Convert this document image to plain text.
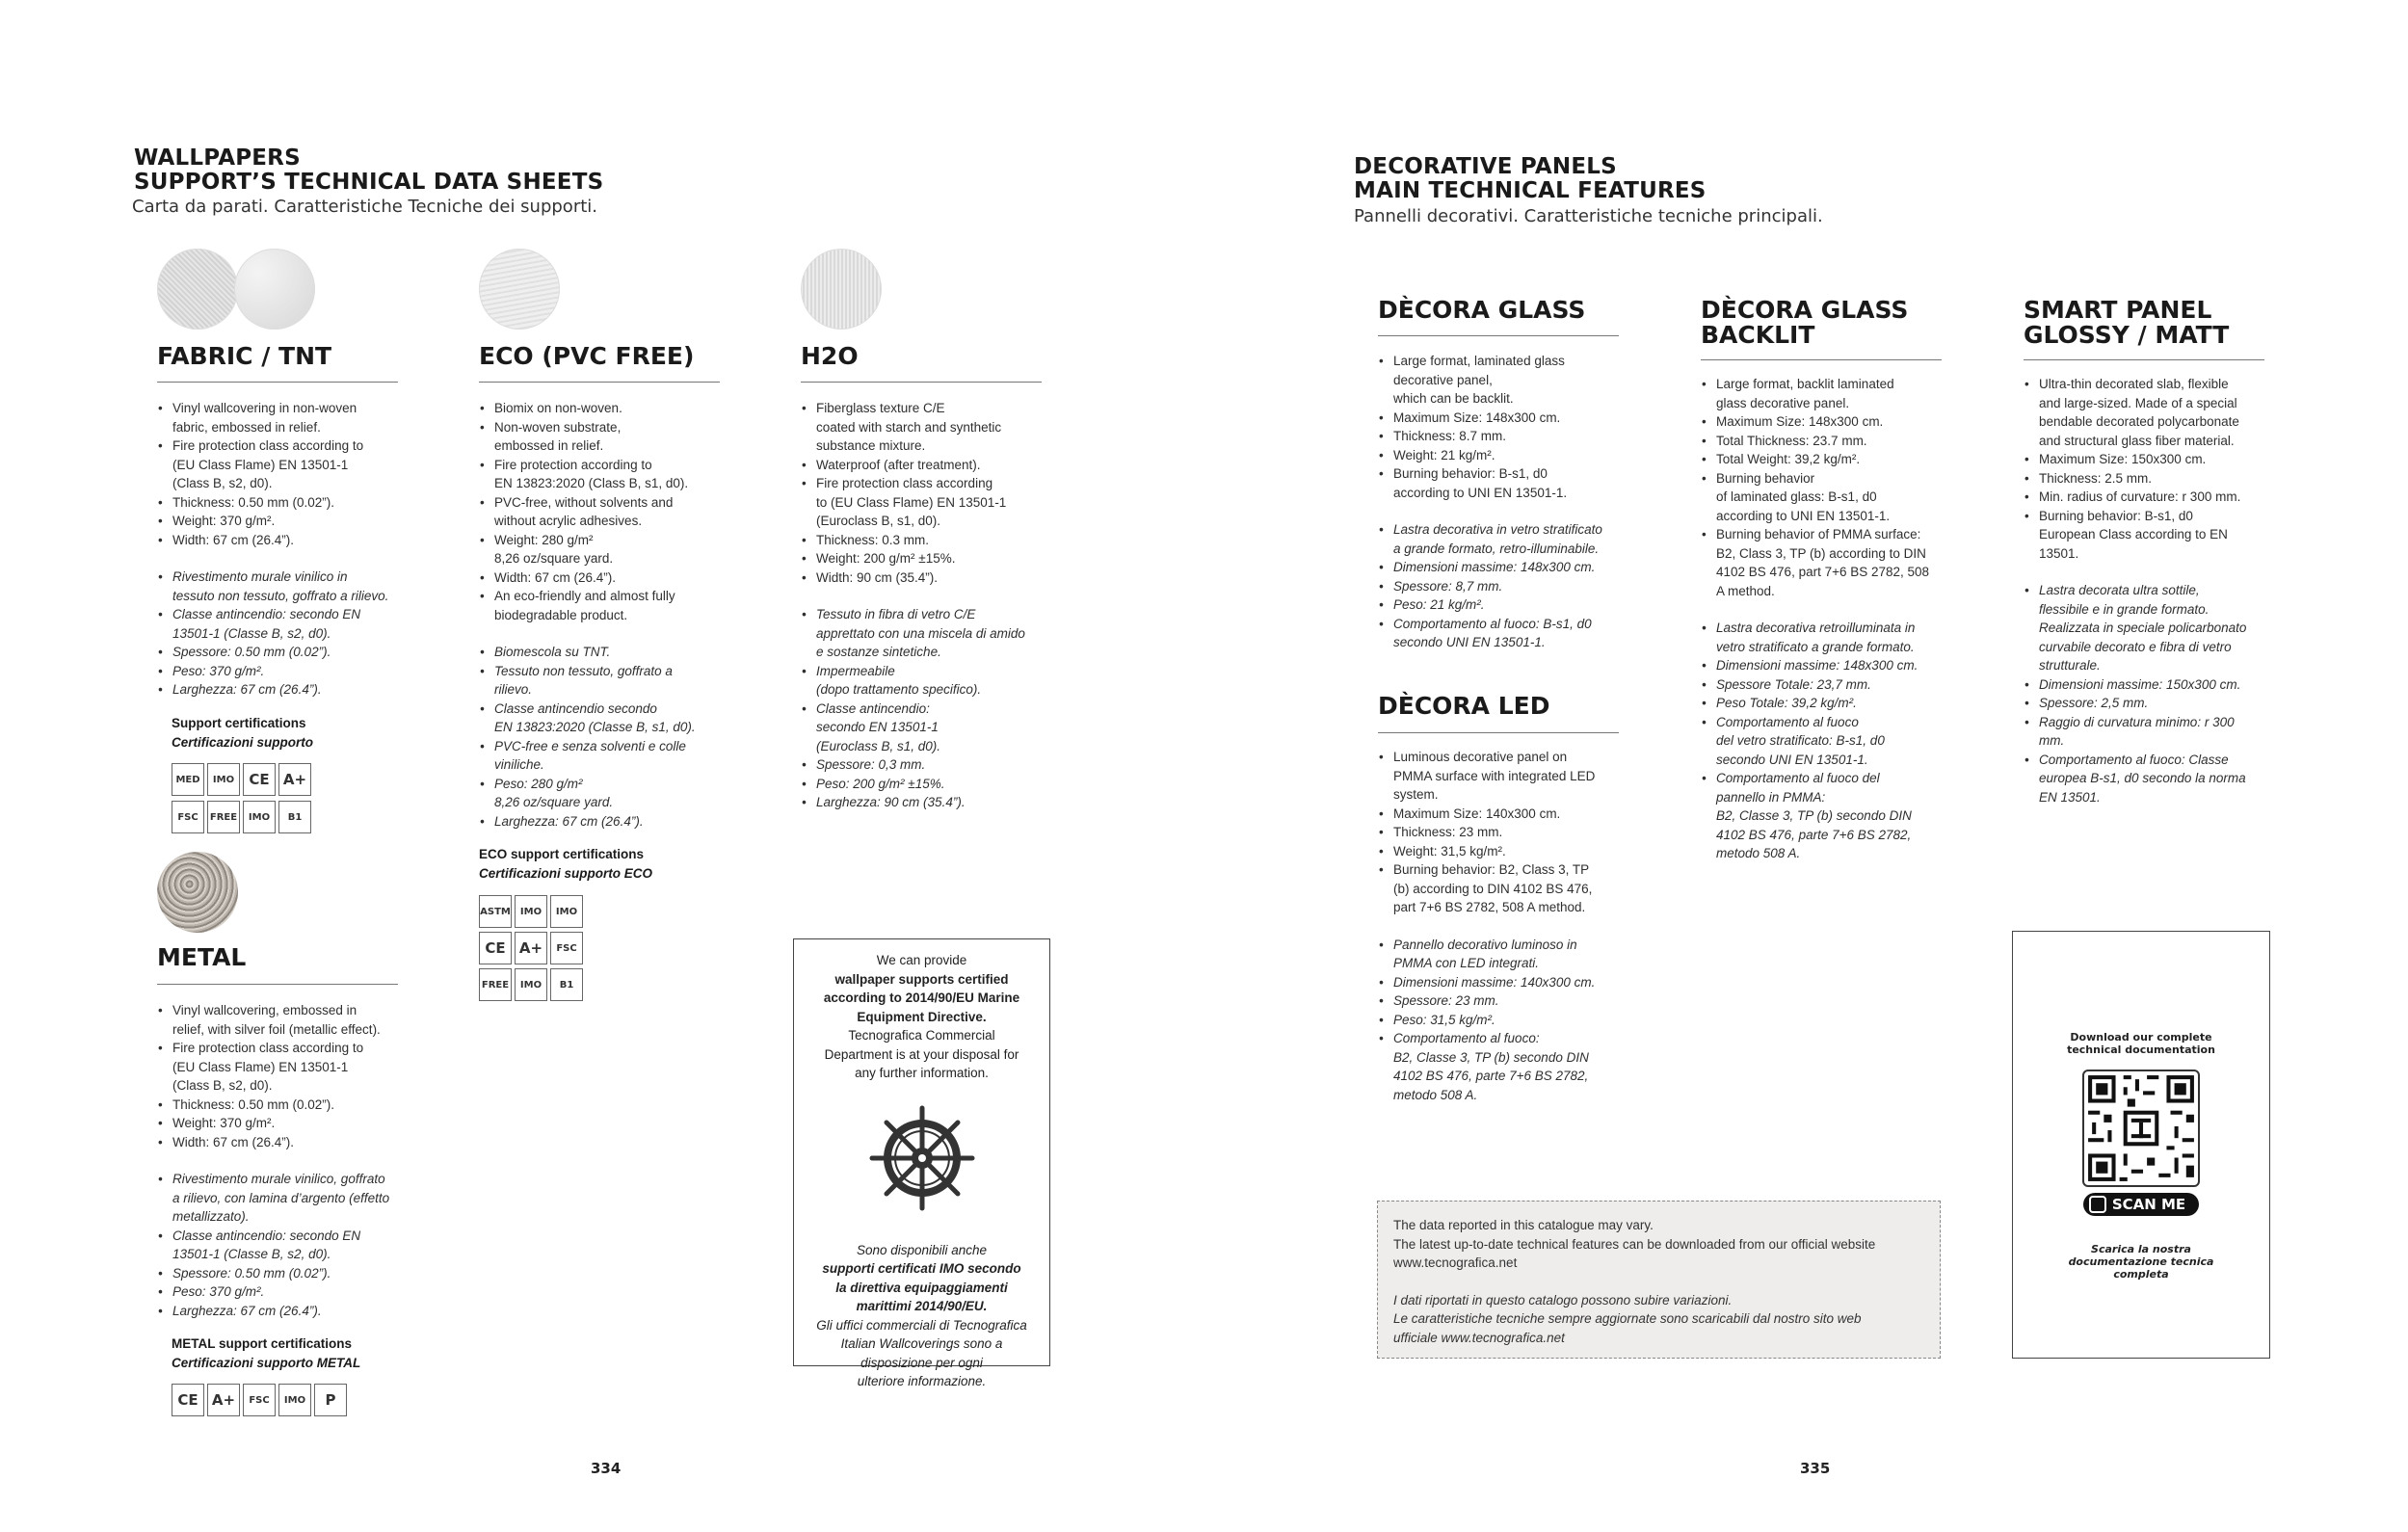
WALLPAPERS
SUPPORT’S TECHNICAL DATA SHEETS
Carta da parati. Caratteristiche Tecniche dei supporti.
FABRIC / TNT
• Vinyl wallcovering in non-woven
fabric, embossed in relief.
• Fire protection class according to
(EU Class Flame) EN 13501-1
(Class B, s2, d0).
• Thickness: 0.50 mm (0.02”).
• Weight: 370 g/m².
• Width: 67 cm (26.4”).
• Rivestimento murale vinilico in
tessuto non tessuto, goffrato a rilievo.
• Classe antincendio: secondo EN
13501-1 (Classe B, s2, d0).
• Spessore: 0.50 mm (0.02”).
• Peso: 370 g/m².
• Larghezza: 67 cm (26.4”).
Support certifications
Certificazioni supporto
MED	IMO	CE A+
FSC	FREE	IMO	B1
METAL
• Vinyl wallcovering, embossed in
relief, with silver foil (metallic effect).
• Fire protection class according to
(EU Class Flame) EN 13501-1
(Class B, s2, d0).
• Thickness: 0.50 mm (0.02”).
• Weight: 370 g/m².
• Width: 67 cm (26.4”).
• Rivestimento murale vinilico, goffrato
a rilievo, con lamina d’argento (effetto
metallizzato).
• Classe antincendio: secondo EN
13501-1 (Classe B, s2, d0).
• Spessore: 0.50 mm (0.02”).
• Peso: 370 g/m².
• Larghezza: 67 cm (26.4”).
METAL support certifications
Certificazioni supporto METAL
CE A+	FSC	IMO	P
ECO (PVC FREE)
• Biomix on non-woven.
• Non-woven substrate,
embossed in relief.
• Fire protection according to
EN 13823:2020 (Class B, s1, d0).
• PVC-free, without solvents and
without acrylic adhesives.
• Weight: 280 g/m²
8,26 oz/square yard.
• Width: 67 cm (26.4”).
• An eco-friendly and almost fully
biodegradable product.
• Biomescola su TNT.
• Tessuto non tessuto, goffrato a
rilievo.
• Classe antincendio secondo
EN 13823:2020 (Classe B, s1, d0).
• PVC-free e senza solventi e colle
viniliche.
• Peso: 280 g/m²
8,26 oz/square yard.
• Larghezza: 67 cm (26.4”).
ECO support certifications
Certificazioni supporto ECO
ASTM	IMO	IMO
CE A+	FSC
FREE	IMO	B1
H2O
• Fiberglass texture C/E
coated with starch and synthetic
substance mixture.
• Waterproof (after treatment).
• Fire protection class according
to (EU Class Flame) EN 13501-1
(Euroclass B, s1, d0).
• Thickness: 0.3 mm.
• Weight: 200 g/m² ±15%.
• Width: 90 cm (35.4”).
• Tessuto in fibra di vetro C/E
apprettato con una miscela di amido
e sostanze sintetiche.
• Impermeabile
(dopo trattamento specifico).
• Classe antincendio:
secondo EN 13501-1
(Euroclass B, s1, d0).
• Spessore: 0,3 mm.
• Peso: 200 g/m² ±15%.
• Larghezza: 90 cm (35.4”).
We can provide
wallpaper supports certified
according to 2014/90/EU Marine
Equipment Directive.
Tecnografica Commercial
Department is at your disposal for
any further information.
Sono disponibili anche
supporti certificati IMO secondo
la direttiva equipaggiamenti
marittimi 2014/90/EU.
Gli uffici commerciali di Tecnografica
Italian Wallcoverings sono a
disposizione per ogni
ulteriore informazione.
334
DECORATIVE PANELS
MAIN TECHNICAL FEATURES
Pannelli decorativi. Caratteristiche tecniche principali.
DÈCORA GLASS
• Large format, laminated glass
decorative panel,
which can be backlit.
• Maximum Size: 148x300 cm.
• Thickness: 8.7 mm.
• Weight: 21 kg/m².
• Burning behavior: B-s1, d0
according to UNI EN 13501-1.
• Lastra decorativa in vetro stratificato
a grande formato, retro-illuminabile.
• Dimensioni massime: 148x300 cm.
• Spessore: 8,7 mm.
• Peso: 21 kg/m².
• Comportamento al fuoco: B-s1, d0
secondo UNI EN 13501-1.
DÈCORA LED
• Luminous decorative panel on
PMMA surface with integrated LED
system.
• Maximum Size: 140x300 cm.
• Thickness: 23 mm.
• Weight: 31,5 kg/m².
• Burning behavior: B2, Class 3, TP
(b) according to DIN 4102 BS 476,
part 7+6 BS 2782, 508 A method.
• Pannello decorativo luminoso in
PMMA con LED integrati.
• Dimensioni massime: 140x300 cm.
• Spessore: 23 mm.
• Peso: 31,5 kg/m².
• Comportamento al fuoco:
B2, Classe 3, TP (b) secondo DIN
4102 BS 476, parte 7+6 BS 2782,
metodo 508 A.
DÈCORA GLASS
BACKLIT
• Large format, backlit laminated
glass decorative panel.
• Maximum Size: 148x300 cm.
• Total Thickness: 23.7 mm.
• Total Weight: 39,2 kg/m².
• Burning behavior
of laminated glass: B-s1, d0
according to UNI EN 13501-1.
• Burning behavior of PMMA surface:
B2, Class 3, TP (b) according to DIN
4102 BS 476, part 7+6 BS 2782, 508
A method.
• Lastra decorativa retroilluminata in
vetro stratificato a grande formato.
• Dimensioni massime: 148x300 cm.
• Spessore Totale: 23,7 mm.
• Peso Totale: 39,2 kg/m².
• Comportamento al fuoco
del vetro stratificato: B-s1, d0
secondo UNI EN 13501-1.
• Comportamento al fuoco del
pannello in PMMA:
B2, Classe 3, TP (b) secondo DIN
4102 BS 476, parte 7+6 BS 2782,
metodo 508 A.
SMART PANEL
GLOSSY / MATT
• Ultra-thin decorated slab, flexible
and large-sized. Made of a special
bendable decorated polycarbonate
and structural glass fiber material.
• Maximum Size: 150x300 cm.
• Thickness: 2.5 mm.
• Min. radius of curvature: r 300 mm.
• Burning behavior: B-s1, d0
European Class according to EN
13501.
• Lastra decorata ultra sottile,
flessibile e in grande formato.
Realizzata in speciale policarbonato
curvabile decorato e fibra di vetro
strutturale.
• Dimensioni massime: 150x300 cm.
• Spessore: 2,5 mm.
• Raggio di curvatura minimo: r 300
mm.
• Comportamento al fuoco: Classe
europea B-s1, d0 secondo la norma
EN 13501.

The data reported in this catalogue may vary.

The latest up-to-date technical features can be downloaded from our official website

www.tecnografica.net

I dati riportati in questo catalogo possono subire variazioni.

Le caratteristiche tecniche sempre aggiornate sono scaricabili dal nostro sito web

ufficiale www.tecnografica.net

Download our complete
technical documentation
SCAN ME
Scarica la nostra
documentazione tecnica
completa
335
